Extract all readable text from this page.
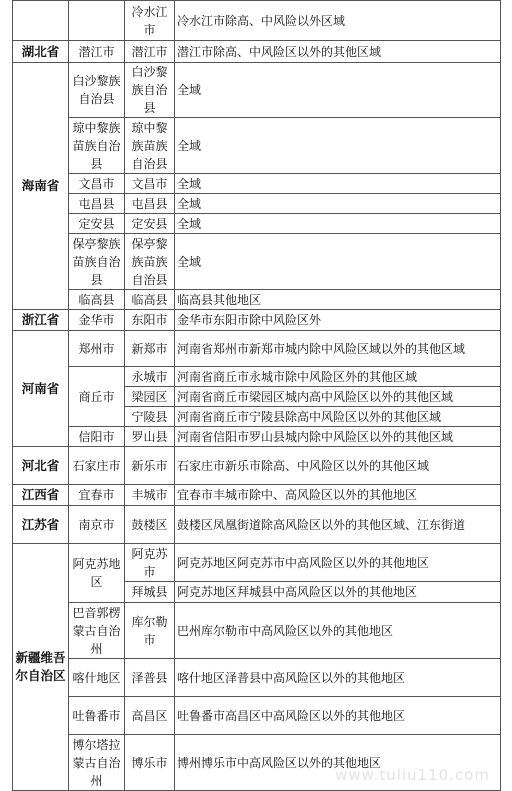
		冷水江市	冷水江市除高、中风险以外区域
湖北省	潜江市	潜江市	潜江市除高、中风险区以外的其他区域
海南省	白沙黎族自治县	白沙黎族自治县	全域
	琼中黎族苗族自治县	琼中黎族苗族自治县	全域
	文昌市	文昌市	全域
	屯昌县	屯昌县	全域
	定安县	定安县	全域
	保亭黎族苗族自治县	保亭黎族苗族自治县	全域
	临高县	临高县	临高县其他地区
浙江省	金华市	东阳市	金华市东阳市除中风险区外
河南省	郑州市	新郑市	河南省郑州市新郑市城内除中风险区域以外的其他区域
	商丘市	永城市	河南省商丘市永城市除中风险区外的其他区域
		梁园区	河南省商丘市梁园区城内高中风险区以外的其他区域
		宁陵县	河南省商丘市宁陵县除高中风险区以外的其他区域
	信阳市	罗山县	河南省信阳市罗山县城内除中风险区以外的其他区域
河北省	石家庄市	新乐市	石家庄市新乐市除高、中风险区以外的其他区域
江西省	宜春市	丰城市	宜春市丰城市除中、高风险区以外的其他地区
江苏省	南京市	鼓楼区	鼓楼区凤凰街道除高风险区以外的其他区域、江东街道
新疆维吾尔自治区	阿克苏地区	阿克苏市	阿克苏地区阿克苏市中高风险区以外的其他地区
		拜城县	阿克苏地区拜城县中高风险区以外的其他地区
	巴音郭楞蒙古自治州	库尔勒市	巴州库尔勒市中高风险区以外的其他地区
	喀什地区	泽普县	喀什地区泽普县中高风险区以外的其他地区
	吐鲁番市	高昌区	吐鲁番市高昌区中高风险区以外的其他地区
	博尔塔拉蒙古自治州	博乐市	博州博乐市中高风险区以外的其他地区
www.tuliu110.com
